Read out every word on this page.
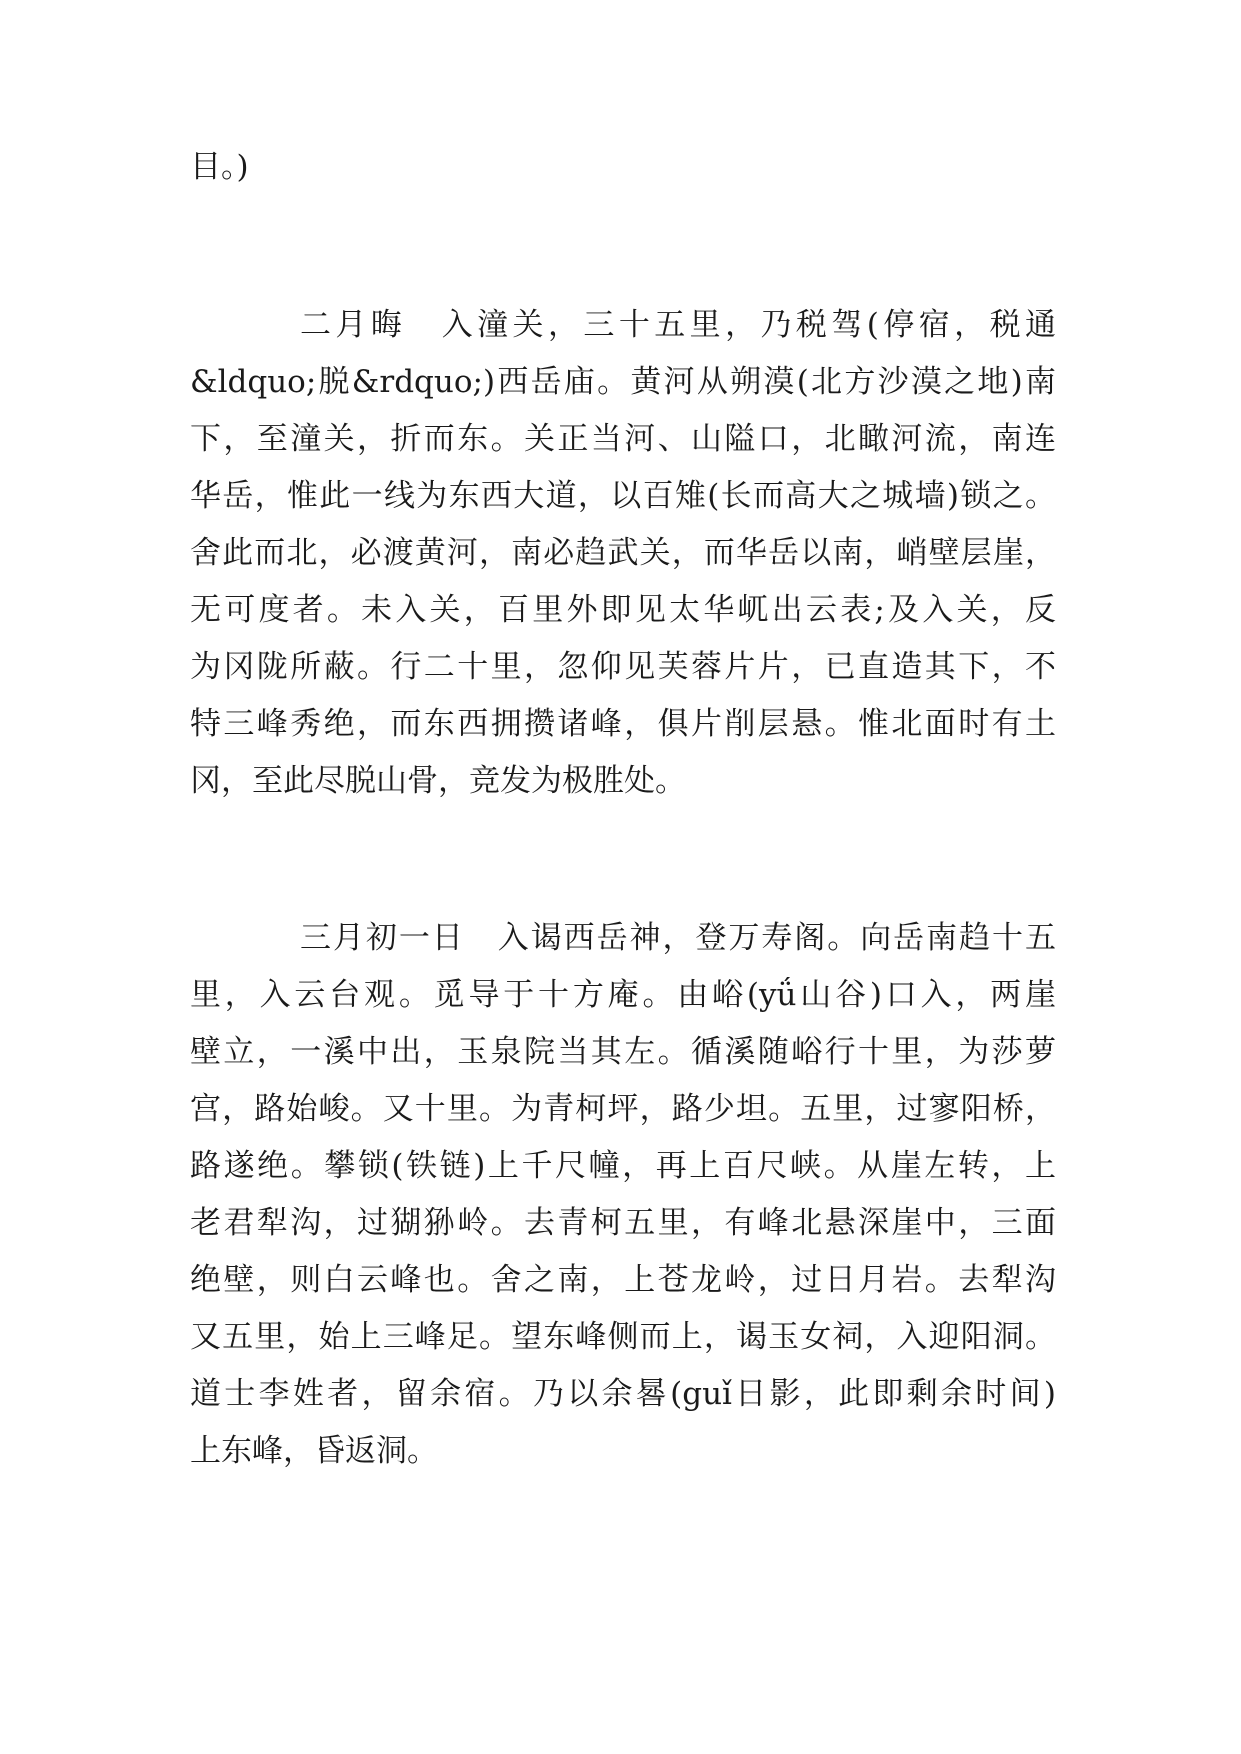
目。)
二月晦　入潼关，三十五里，乃税驾(停宿，税通
&ldquo;脱&rdquo;)西岳庙。黄河从朔漠(北方沙漠之地)南
下，至潼关，折而东。关正当河、山隘口，北瞰河流，南连
华岳，惟此一线为东西大道，以百雉(长而高大之城墙)锁之。
舍此而北，必渡黄河，南必趋武关，而华岳以南，峭壁层崖，
无可度者。未入关，百里外即见太华屼出云表;及入关，反
为冈陇所蔽。行二十里，忽仰见芙蓉片片，已直造其下，不
特三峰秀绝，而东西拥攒诸峰，俱片削层悬。惟北面时有土
冈，至此尽脱山骨，竞发为极胜处。
三月初一日　入谒西岳神，登万寿阁。向岳南趋十五
里，入云台观。觅导于十方庵。由峪(yǘ山谷)口入，两崖
壁立，一溪中出，玉泉院当其左。循溪随峪行十里，为莎萝
宫，路始峻。又十里。为青柯坪，路少坦。五里，过寥阳桥，
路遂绝。攀锁(铁链)上千尺幢，再上百尺峡。从崖左转，上
老君犁沟，过猢狲岭。去青柯五里，有峰北悬深崖中，三面
绝壁，则白云峰也。舍之南，上苍龙岭，过日月岩。去犁沟
又五里，始上三峰足。望东峰侧而上，谒玉女祠，入迎阳洞。
道士李姓者，留余宿。乃以余晷(guǐ日影，此即剩余时间)
上东峰，昏返洞。
